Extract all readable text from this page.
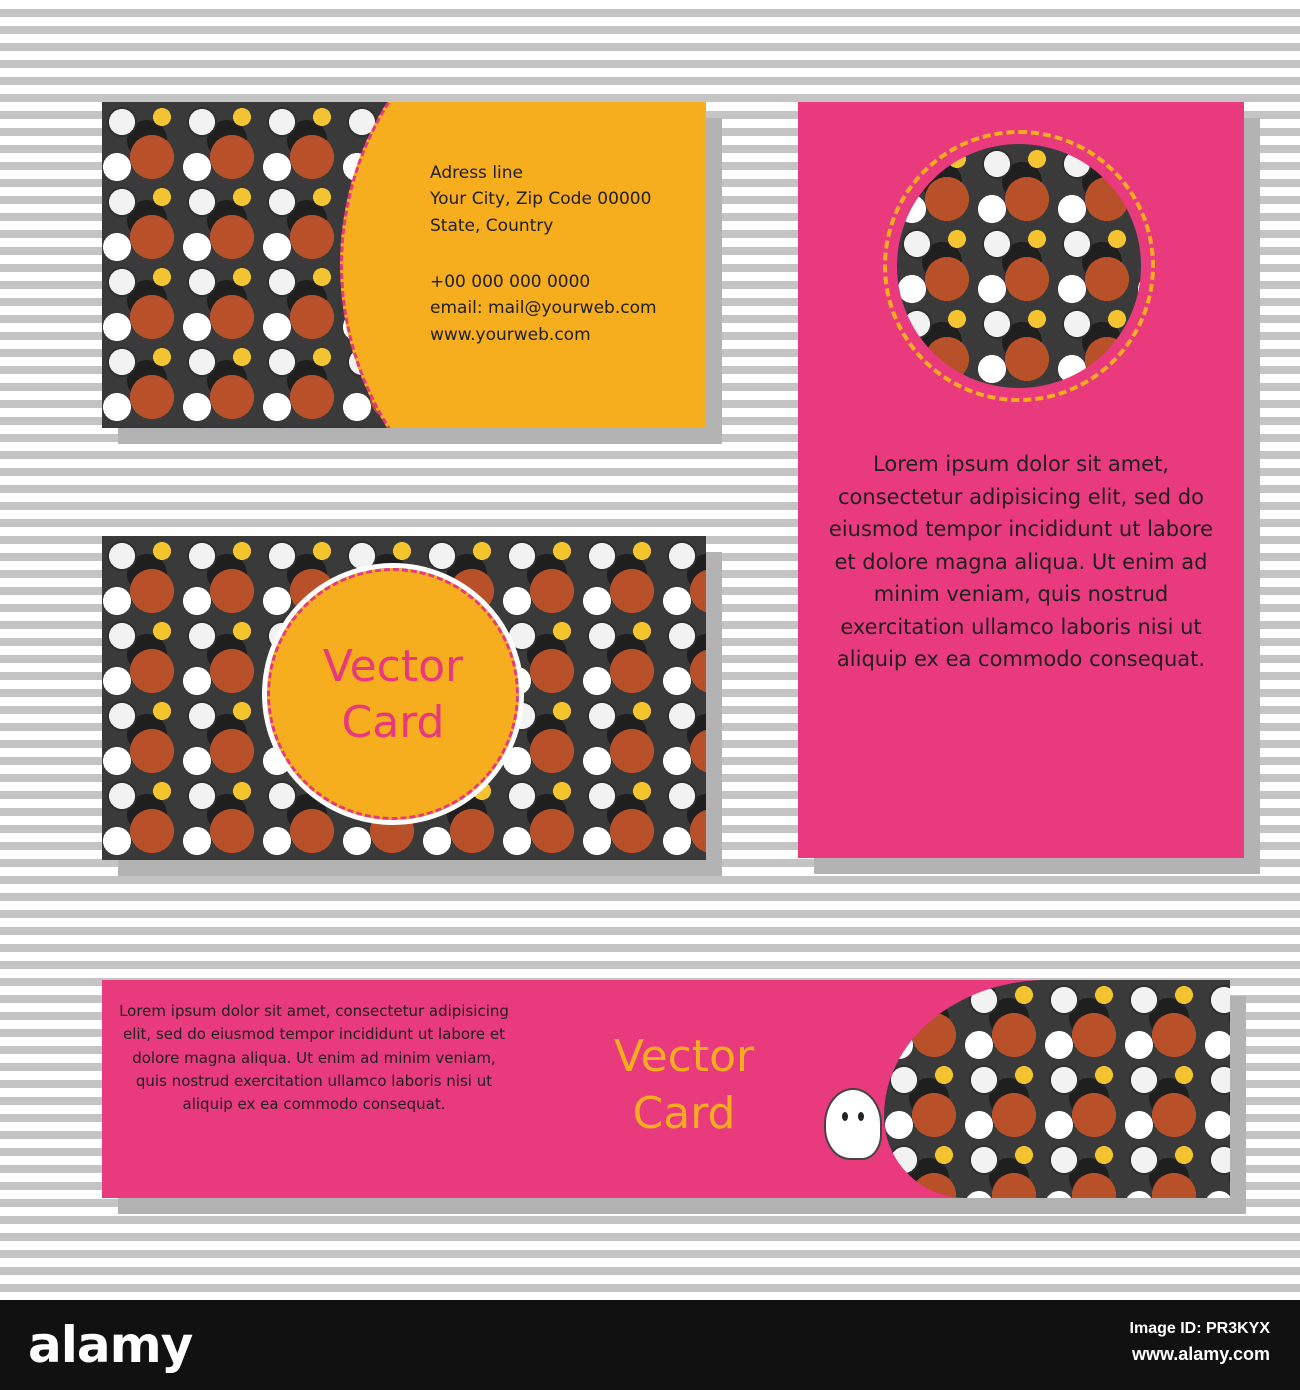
Adress line
Your City, Zip Code 00000
State, Country
+00 000 000 0000
email: mail@yourweb.com
www.yourweb.com
Lorem ipsum dolor sit amet, consectetur adipisicing elit, sed do eiusmod tempor incididunt ut labore et dolore magna aliqua. Ut enim ad minim veniam, quis nostrud exercitation ullamco laboris nisi ut aliquip ex ea commodo consequat.
Vector
Card
Lorem ipsum dolor sit amet, consectetur adipisicing elit, sed do eiusmod tempor incididunt ut labore et dolore magna aliqua. Ut enim ad minim veniam, quis nostrud exercitation ullamco laboris nisi ut aliquip ex ea commodo consequat.
Vector
Card
alamy	Image ID: PR3KYX
www.alamy.com
